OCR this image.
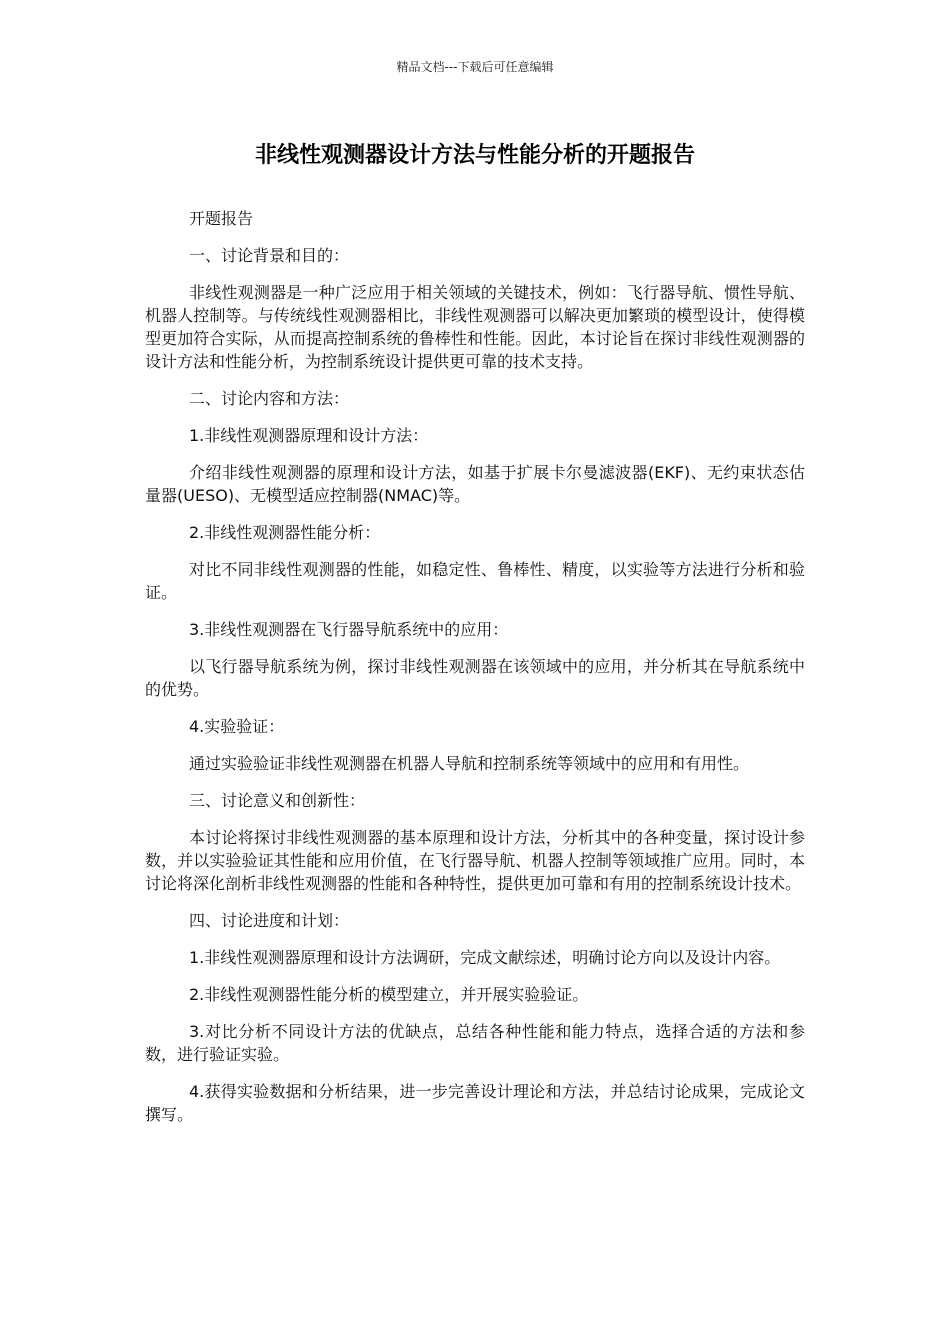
精品文档---下载后可任意编辑
非线性观测器设计方法与性能分析的开题报告

开题报告

一、讨论背景和目的：

非线性观测器是一种广泛应用于相关领域的关键技术，例如：飞行器导航、惯性导航、机器人控制等。与传统线性观测器相比，非线性观测器可以解决更加繁琐的模型设计，使得模型更加符合实际，从而提高控制系统的鲁棒性和性能。因此，本讨论旨在探讨非线性观测器的设计方法和性能分析，为控制系统设计提供更可靠的技术支持。

二、讨论内容和方法：

1.非线性观测器原理和设计方法：

介绍非线性观测器的原理和设计方法，如基于扩展卡尔曼滤波器(EKF)、无约束状态估量器(UESO)、无模型适应控制器(NMAC)等。

2.非线性观测器性能分析：

对比不同非线性观测器的性能，如稳定性、鲁棒性、精度，以实验等方法进行分析和验证。

3.非线性观测器在飞行器导航系统中的应用：

以飞行器导航系统为例，探讨非线性观测器在该领域中的应用，并分析其在导航系统中的优势。

4.实验验证：

通过实验验证非线性观测器在机器人导航和控制系统等领域中的应用和有用性。

三、讨论意义和创新性：

本讨论将探讨非线性观测器的基本原理和设计方法，分析其中的各种变量，探讨设计参数，并以实验验证其性能和应用价值，在飞行器导航、机器人控制等领域推广应用。同时，本讨论将深化剖析非线性观测器的性能和各种特性，提供更加可靠和有用的控制系统设计技术。

四、讨论进度和计划：

1.非线性观测器原理和设计方法调研，完成文献综述，明确讨论方向以及设计内容。

2.非线性观测器性能分析的模型建立，并开展实验验证。

3.对比分析不同设计方法的优缺点，总结各种性能和能力特点，选择合适的方法和参数，进行验证实验。

4.获得实验数据和分析结果，进一步完善设计理论和方法，并总结讨论成果，完成论文撰写。
